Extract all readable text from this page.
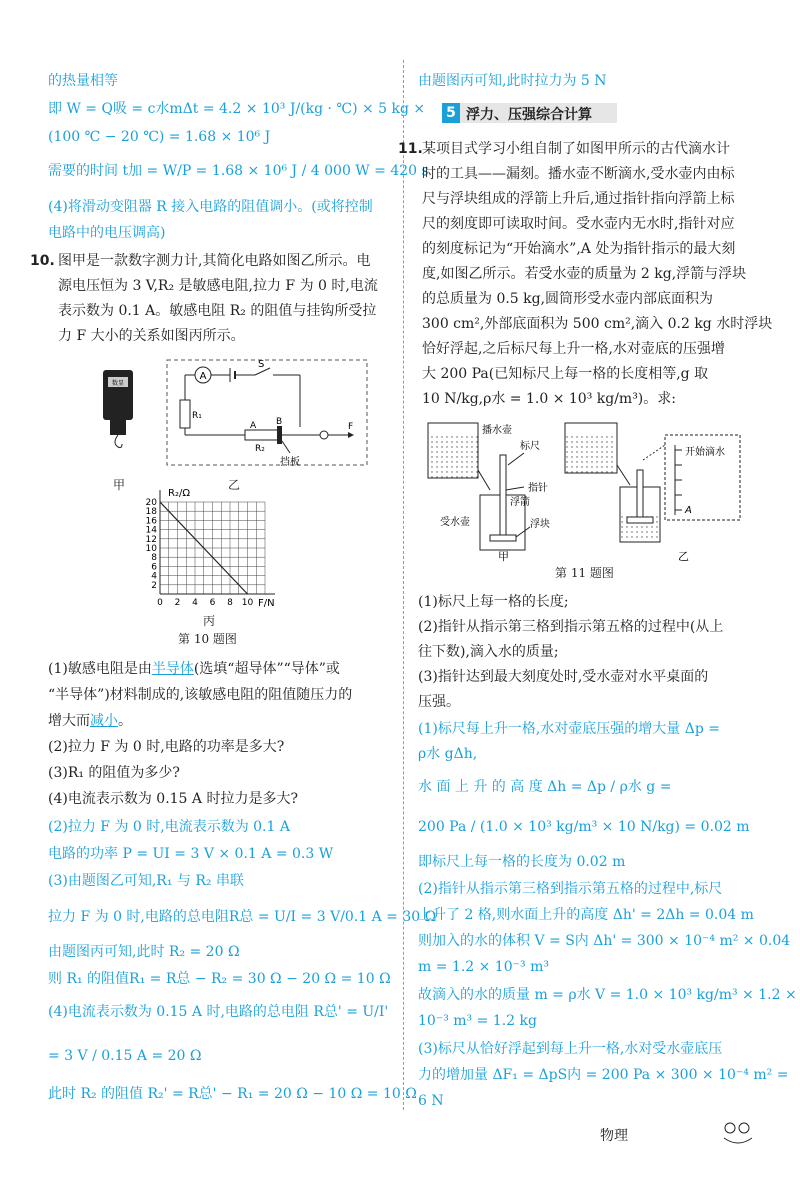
的热量相等
即 W = Q吸 = c水mΔt = 4.2 × 10³ J/(kg · ℃) × 5 kg ×
(100 ℃ − 20 ℃) = 1.68 × 10⁶ J
需要的时间 t加 = W/P = 1.68 × 10⁶ J / 4 000 W = 420 s
(4)将滑动变阻器 R 接入电路的阻值调小。(或将控制
电路中的电压调高)
10. 图甲是一款数字测力计,其简化电路如图乙所示。电
源电压恒为 3 V,R₂ 是敏感电阻,拉力 F 为 0 时,电流
表示数为 0.1 A。敏感电阻 R₂ 的阻值与挂钩所受拉
力 F 大小的关系如图丙所示。
数显
A
S
R₁
A B
R₂
F
挡板
甲	乙
0 2 4 6 8 10
2
4
6
8
10
12
14
16
18
20
R₂/Ω
F/N
丙
第 10 题图
(1)敏感电阻是由半导体(选填“超导体”“导体”或
“半导体”)材料制成的,该敏感电阻的阻值随压力的
增大而减小。
(2)拉力 F 为 0 时,电路的功率是多大?
(3)R₁ 的阻值为多少?
(4)电流表示数为 0.15 A 时拉力是多大?
(2)拉力 F 为 0 时,电流表示数为 0.1 A
电路的功率 P = UI = 3 V × 0.1 A = 0.3 W
(3)由题图乙可知,R₁ 与 R₂ 串联
拉力 F 为 0 时,电路的总电阻R总 = U/I = 3 V/0.1 A = 30 Ω
由题图丙可知,此时 R₂ = 20 Ω
则 R₁ 的阻值R₁ = R总 − R₂ = 30 Ω − 20 Ω = 10 Ω
(4)电流表示数为 0.15 A 时,电路的总电阻 R总' = U/I'
= 3 V / 0.15 A = 20 Ω
此时 R₂ 的阻值 R₂' = R总' − R₁ = 20 Ω − 10 Ω = 10 Ω
由题图丙可知,此时拉力为 5 N
5 浮力、压强综合计算
11. 某项目式学习小组自制了如图甲所示的古代滴水计
时的工具——漏刻。播水壶不断滴水,受水壶内由标
尺与浮块组成的浮箭上升后,通过指针指向浮箭上标
尺的刻度即可读取时间。受水壶内无水时,指针对应
的刻度标记为“开始滴水”,A 处为指针指示的最大刻
度,如图乙所示。若受水壶的质量为 2 kg,浮箭与浮块
的总质量为 0.5 kg,圆筒形受水壶内部底面积为
300 cm²,外部底面积为 500 cm²,滴入 0.2 kg 水时浮块
恰好浮起,之后标尺每上升一格,水对壶底的压强增
大 200 Pa(已知标尺上每一格的长度相等,g 取
10 N/kg,ρ水 = 1.0 × 10³ kg/m³)。求:
播水壶
标尺
指针
浮箭
受水壶	浮块
甲
开始滴水
A
乙
第 11 题图
(1)标尺上每一格的长度;
(2)指针从指示第三格到指示第五格的过程中(从上
往下数),滴入水的质量;
(3)指针达到最大刻度处时,受水壶对水平桌面的
压强。
(1)标尺每上升一格,水对壶底压强的增大量 Δp =
ρ水 gΔh,
水 面 上 升 的 高 度 Δh = Δp / ρ水 g =
200 Pa / (1.0 × 10³ kg/m³ × 10 N/kg) = 0.02 m
即标尺上每一格的长度为 0.02 m
(2)指针从指示第三格到指示第五格的过程中,标尺
上升了 2 格,则水面上升的高度 Δh' = 2Δh = 0.04 m
则加入的水的体积 V = S内 Δh' = 300 × 10⁻⁴ m² × 0.04
m = 1.2 × 10⁻³ m³
故滴入的水的质量 m = ρ水 V = 1.0 × 10³ kg/m³ × 1.2 ×
10⁻³ m³ = 1.2 kg
(3)标尺从恰好浮起到每上升一格,水对受水壶底压
力的增加量 ΔF₁ = ΔpS内 = 200 Pa × 300 × 10⁻⁴ m² =
6 N
物理
